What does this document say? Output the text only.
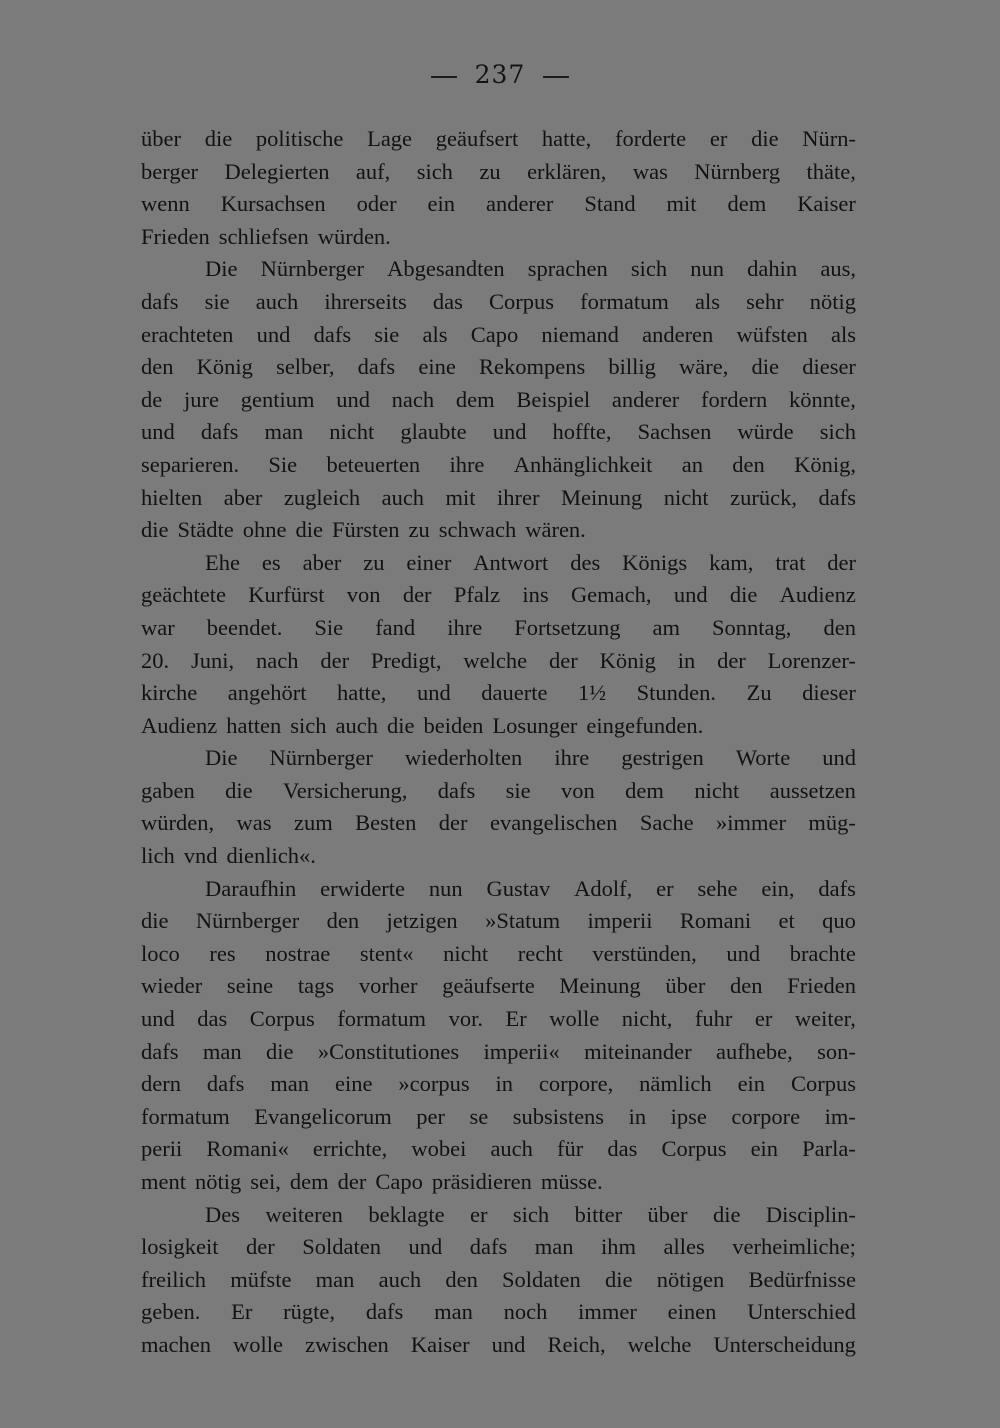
237
über die politische Lage geäufsert hatte, forderte er die Nürn-
berger Delegierten auf, sich zu erklären, was Nürnberg thäte,
wenn Kursachsen oder ein anderer Stand mit dem Kaiser
Frieden schliefsen würden.
Die Nürnberger Abgesandten sprachen sich nun dahin aus,
dafs sie auch ihrerseits das Corpus formatum als sehr nötig
erachteten und dafs sie als Capo niemand anderen wüfsten als
den König selber, dafs eine Rekompens billig wäre, die dieser
de jure gentium und nach dem Beispiel anderer fordern könnte,
und dafs man nicht glaubte und hoffte, Sachsen würde sich
separieren. Sie beteuerten ihre Anhänglichkeit an den König,
hielten aber zugleich auch mit ihrer Meinung nicht zurück, dafs
die Städte ohne die Fürsten zu schwach wären.
Ehe es aber zu einer Antwort des Königs kam, trat der
geächtete Kurfürst von der Pfalz ins Gemach, und die Audienz
war beendet. Sie fand ihre Fortsetzung am Sonntag, den
20. Juni, nach der Predigt, welche der König in der Lorenzer-
kirche angehört hatte, und dauerte 1½ Stunden. Zu dieser
Audienz hatten sich auch die beiden Losunger eingefunden.
Die Nürnberger wiederholten ihre gestrigen Worte und
gaben die Versicherung, dafs sie von dem nicht aussetzen
würden, was zum Besten der evangelischen Sache »immer müg-
lich vnd dienlich«.
Daraufhin erwiderte nun Gustav Adolf, er sehe ein, dafs
die Nürnberger den jetzigen »Statum imperii Romani et quo
loco res nostrae stent« nicht recht verstünden, und brachte
wieder seine tags vorher geäufserte Meinung über den Frieden
und das Corpus formatum vor. Er wolle nicht, fuhr er weiter,
dafs man die »Constitutiones imperii« miteinander aufhebe, son-
dern dafs man eine »corpus in corpore, nämlich ein Corpus
formatum Evangelicorum per se subsistens in ipse corpore im-
perii Romani« errichte, wobei auch für das Corpus ein Parla-
ment nötig sei, dem der Capo präsidieren müsse.
Des weiteren beklagte er sich bitter über die Disciplin-
losigkeit der Soldaten und dafs man ihm alles verheimliche;
freilich müfste man auch den Soldaten die nötigen Bedürfnisse
geben. Er rügte, dafs man noch immer einen Unterschied
machen wolle zwischen Kaiser und Reich, welche Unterscheidung
